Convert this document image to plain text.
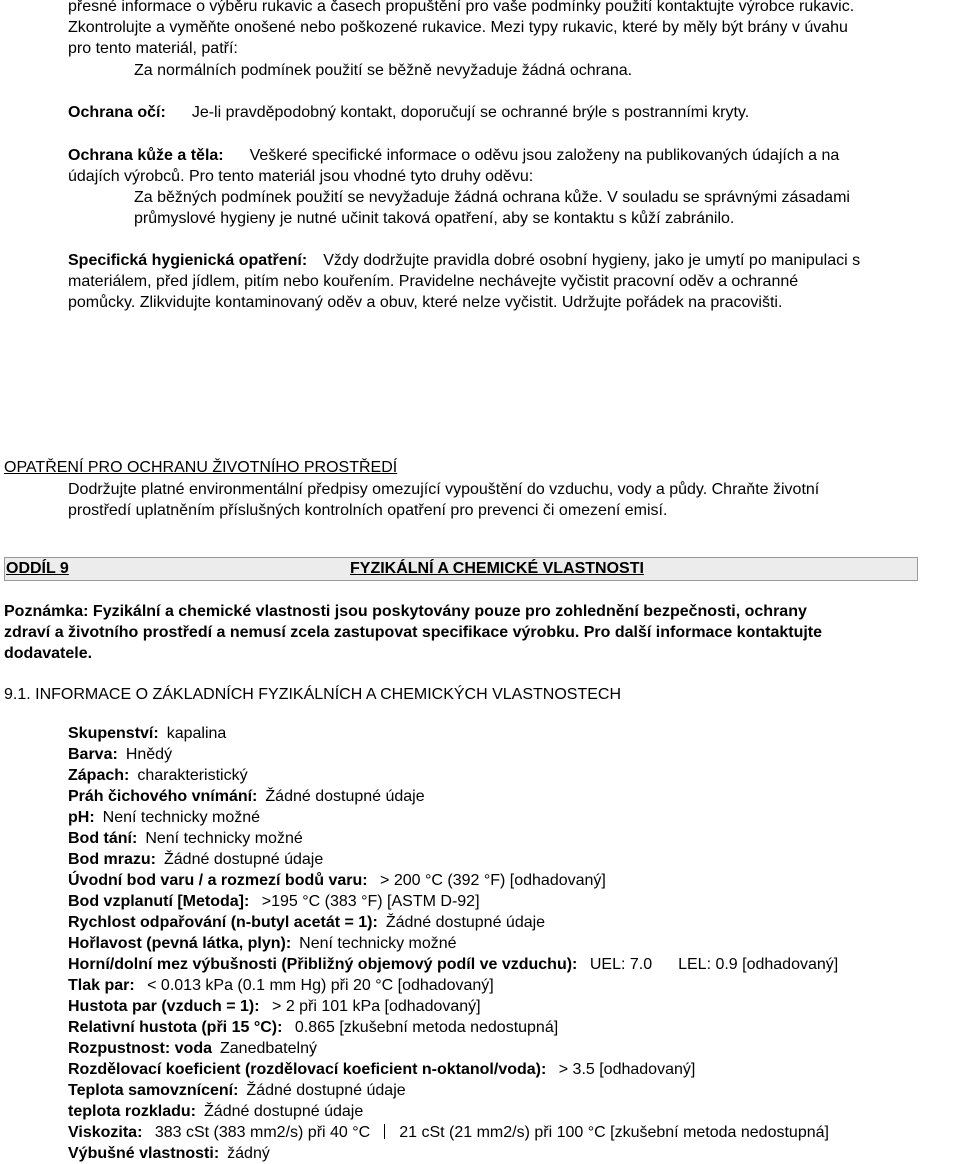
přesné informace o výběru rukavic a časech propuštění pro vaše podmínky použití kontaktujte výrobce rukavic.
Zkontrolujte a vyměňte onošené nebo poškozené rukavice. Mezi typy rukavic, které by měly být brány v úvahu
pro tento materiál, patří:
Za normálních podmínek použití se běžně nevyžaduje žádná ochrana.
Ochrana očí: Je-li pravděpodobný kontakt, doporučují se ochranné brýle s postranními kryty.
Ochrana kůže a těla: Veškeré specifické informace o oděvu jsou založeny na publikovaných údajích a na
údajích výrobců. Pro tento materiál jsou vhodné tyto druhy oděvu:
Za běžných podmínek použití se nevyžaduje žádná ochrana kůže. V souladu se správnými zásadami
průmyslové hygieny je nutné učinit taková opatření, aby se kontaktu s kůží zabránilo.
Specifická hygienická opatření: Vždy dodržujte pravidla dobré osobní hygieny, jako je umytí po manipulaci s
materiálem, před jídlem, pitím nebo kouřením. Pravidelne nechávejte vyčistit pracovní oděv a ochranné
pomůcky. Zlikvidujte kontaminovaný oděv a obuv, které nelze vyčistit. Udržujte pořádek na pracovišti.
OPATŘENÍ PRO OCHRANU ŽIVOTNÍHO PROSTŘEDÍ
Dodržujte platné environmentální předpisy omezující vypouštění do vzduchu, vody a půdy. Chraňte životní
prostředí uplatněním příslušných kontrolních opatření pro prevenci či omezení emisí.
ODDÍL 9	FYZIKÁLNÍ A CHEMICKÉ VLASTNOSTI
Poznámka: Fyzikální a chemické vlastnosti jsou poskytovány pouze pro zohlednění bezpečnosti, ochrany
zdraví a životního prostředí a nemusí zcela zastupovat specifikace výrobku. Pro další informace kontaktujte
dodavatele.
9.1. INFORMACE O ZÁKLADNÍCH FYZIKÁLNÍCH A CHEMICKÝCH VLASTNOSTECH
Skupenství: kapalina
Barva: Hnědý
Zápach: charakteristický
Práh čichového vnímání: Žádné dostupné údaje
pH: Není technicky možné
Bod tání: Není technicky možné
Bod mrazu: Žádné dostupné údaje
Úvodní bod varu / a rozmezí bodů varu: > 200 °C (392 °F) [odhadovaný]
Bod vzplanutí [Metoda]: >195 °C (383 °F) [ASTM D-92]
Rychlost odpařování (n-butyl acetát = 1): Žádné dostupné údaje
Hořlavost (pevná látka, plyn): Není technicky možné
Horní/dolní mez výbušnosti (Přibližný objemový podíl ve vzduchu): UEL: 7.0 LEL: 0.9 [odhadovaný]
Tlak par: < 0.013 kPa (0.1 mm Hg) při 20 °C [odhadovaný]
Hustota par (vzduch = 1): > 2 při 101 kPa [odhadovaný]
Relativní hustota (při 15 °C): 0.865 [zkušební metoda nedostupná]
Rozpustnost: voda Zanedbatelný
Rozdělovací koeficient (rozdělovací koeficient n-oktanol/voda): > 3.5 [odhadovaný]
Teplota samovznícení: Žádné dostupné údaje
teplota rozkladu: Žádné dostupné údaje
Viskozita: 383 cSt (383 mm2/s) při 40 °C 21 cSt (21 mm2/s) při 100 °C [zkušební metoda nedostupná]
Výbušné vlastnosti: žádný
